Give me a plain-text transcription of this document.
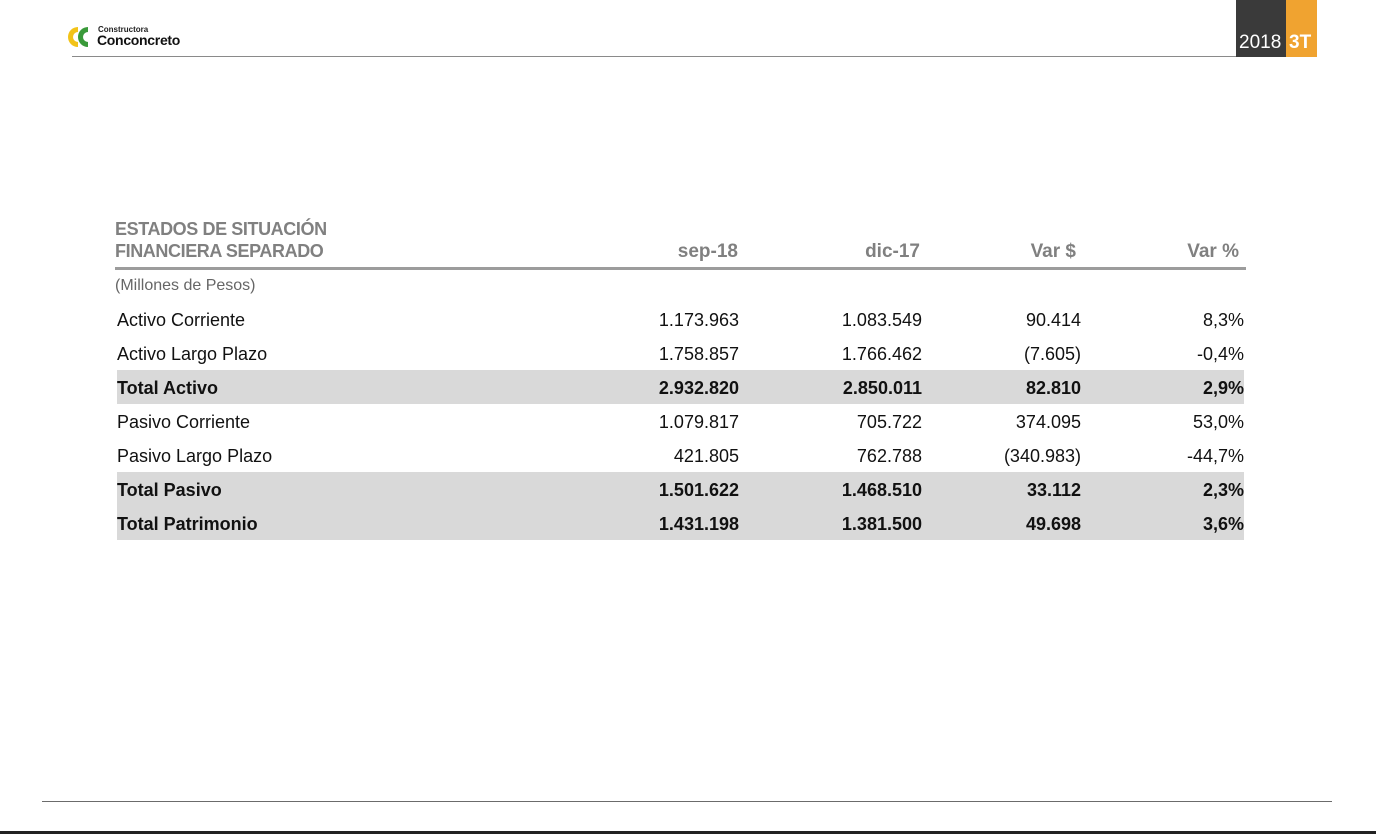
Constructora
Conconcreto	2018 3T
ESTADOS DE SITUACIÓN
FINANCIERA SEPARADO	sep-18	dic-17	Var $	Var %
(Millones de Pesos)
Activo Corriente	1.173.963	1.083.549	90.414	8,3%
Activo Largo Plazo	1.758.857	1.766.462	(7.605)	-0,4%
Total Activo	2.932.820	2.850.011	82.810	2,9%
Pasivo Corriente	1.079.817	705.722	374.095	53,0%
Pasivo Largo Plazo	421.805	762.788	(340.983)	-44,7%
Total Pasivo	1.501.622	1.468.510	33.112	2,3%
Total Patrimonio	1.431.198	1.381.500	49.698	3,6%
